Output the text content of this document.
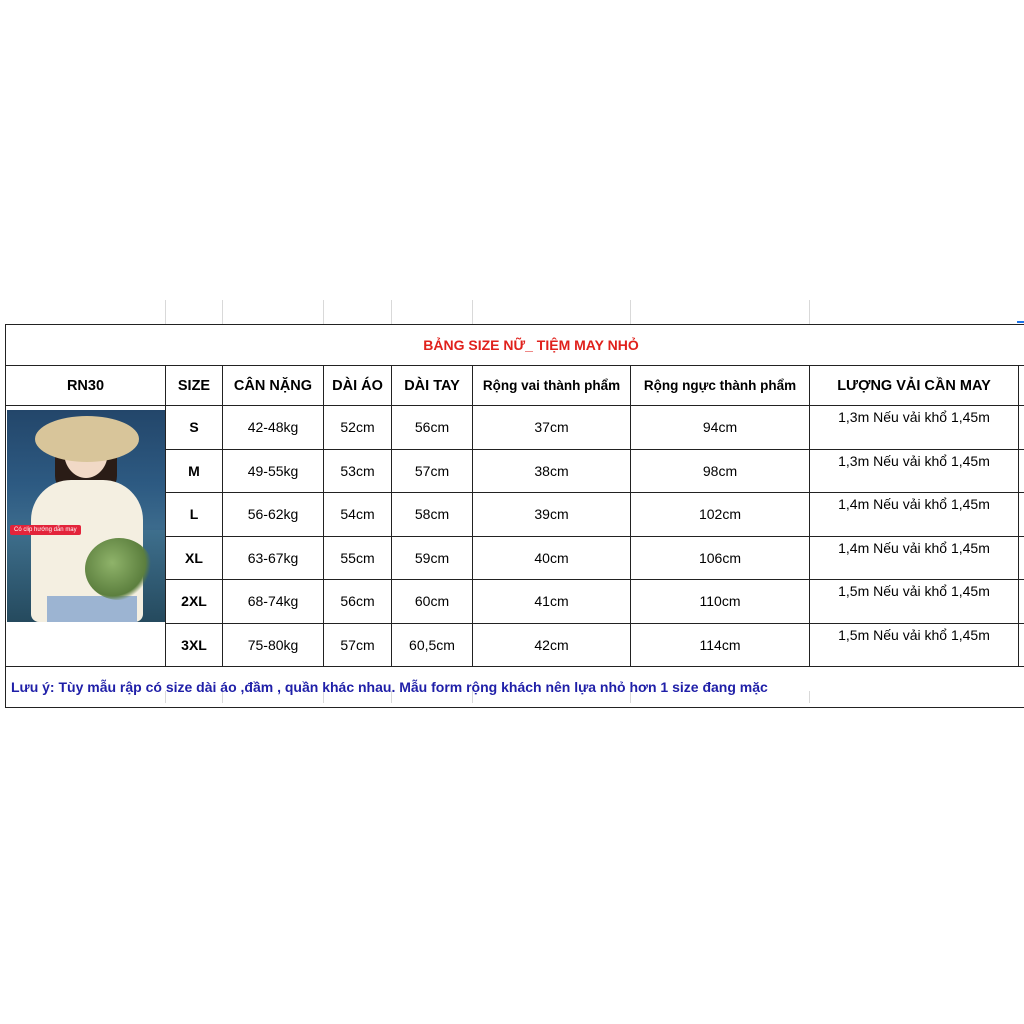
BẢNG SIZE NỮ_ TIỆM MAY NHỎ								
RN30	SIZE	CÂN NẶNG	DÀI ÁO	DÀI TAY	Rộng vai thành phẩm	Rộng ngực thành phẩm	LƯỢNG VẢI CẦN MAY	

Có clip hướng dẫn may	S	42-48kg	52cm	56cm	37cm	94cm	1,3m Nếu vải khổ 1,45m	
	M	49-55kg	53cm	57cm	38cm	98cm	1,3m Nếu vải khổ 1,45m	
	L	56-62kg	54cm	58cm	39cm	102cm	1,4m Nếu vải khổ 1,45m	
	XL	63-67kg	55cm	59cm	40cm	106cm	1,4m Nếu vải khổ 1,45m	
	2XL	68-74kg	56cm	60cm	41cm	110cm	1,5m Nếu vải khổ 1,45m	
	3XL	75-80kg	57cm	60,5cm	42cm	114cm	1,5m Nếu vải khổ 1,45m	
Lưu ý: Tùy mẫu rập có size dài áo ,đầm , quần khác nhau. Mẫu form rộng khách nên lựa nhỏ hơn 1 size đang mặc								
